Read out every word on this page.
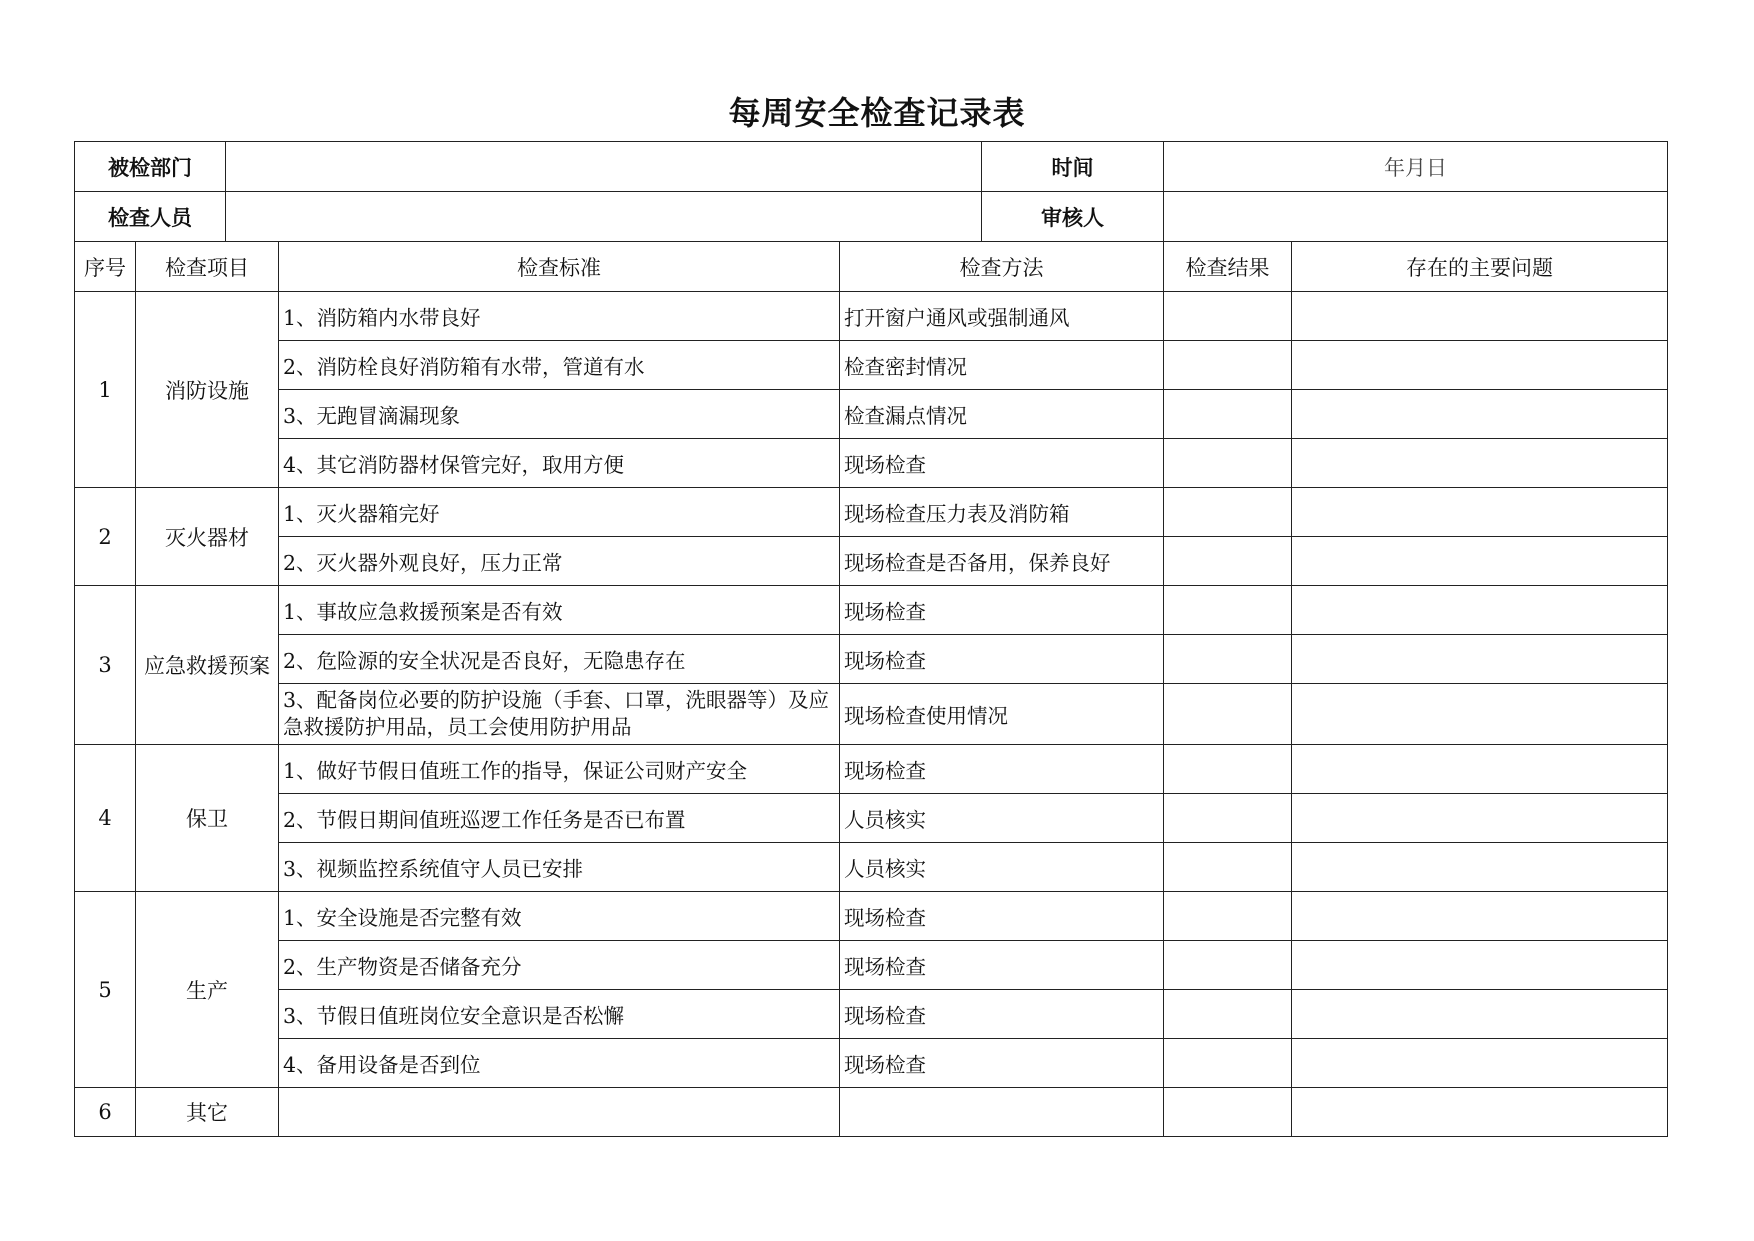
每周安全检查记录表
被检部门					时间	年月日	
检查人员					审核人		
序号	检查项目		检查标准	检查方法		检查结果	存在的主要问题
1	消防设施		1、消防箱内水带良好	打开窗户通风或强制通风			
			2、消防栓良好消防箱有水带，管道有水	检查密封情况			
			3、无跑冒滴漏现象	检查漏点情况			
			4、其它消防器材保管完好，取用方便	现场检查			
2	灭火器材		1、灭火器箱完好	现场检查压力表及消防箱			
			2、灭火器外观良好，压力正常	现场检查是否备用，保养良好			
3	应急救援预案		1、事故应急救援预案是否有效	现场检查			
			2、危险源的安全状况是否良好，无隐患存在	现场检查			
			3、配备岗位必要的防护设施（手套、口罩，洗眼器等）及应急救援防护用品，员工会使用防护用品	现场检查使用情况			
4	保卫		1、做好节假日值班工作的指导，保证公司财产安全	现场检查			
			2、节假日期间值班巡逻工作任务是否已布置	人员核实			
			3、视频监控系统值守人员已安排	人员核实			
5	生产		1、安全设施是否完整有效	现场检查			
			2、生产物资是否储备充分	现场检查			
			3、节假日值班岗位安全意识是否松懈	现场检查			
			4、备用设备是否到位	现场检查			
6	其它						
